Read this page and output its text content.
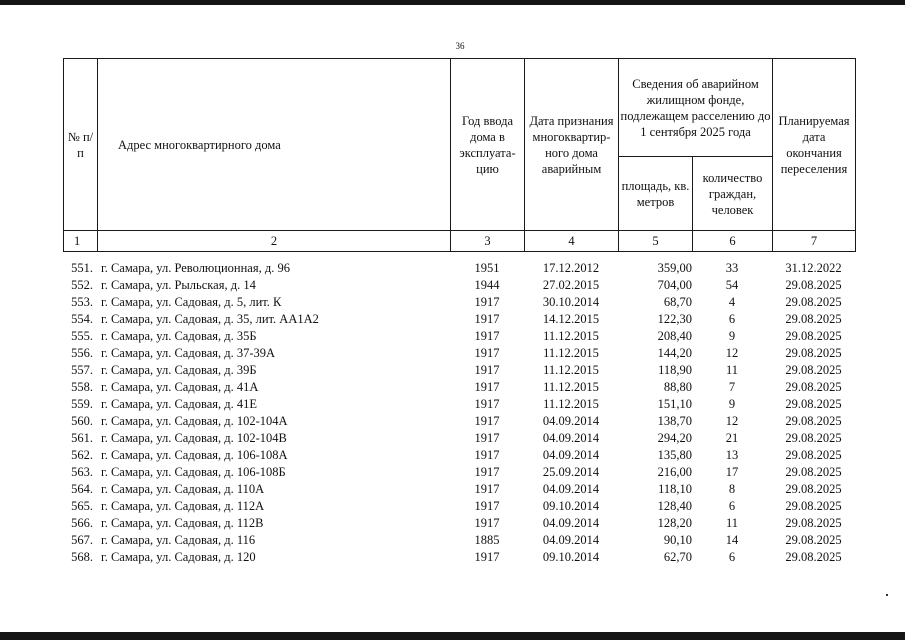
36
№ п/п	Адрес многоквартирного дома	Год ввода дома в эксплуата-цию	Дата признания многоквартир-ного дома аварийным	Сведения об аварийном жилищном фонде, подлежащем расселению до 1 сентября 2025 года		Планируемая дата окончания переселения
				площадь, кв. метров	количество граждан, человек	
1	2	3	4	5	6	7
551. г. Самара, ул. Революционная, д. 96	1951	17.12.2012	359,00	33	31.12.2022
552. г. Самара, ул. Рыльская, д. 14	1944	27.02.2015	704,00	54	29.08.2025
553. г. Самара, ул. Садовая, д. 5, лит. К	1917	30.10.2014	68,70	4	29.08.2025
554. г. Самара, ул. Садовая, д. 35, лит. АА1А2	1917	14.12.2015	122,30	6	29.08.2025
555. г. Самара, ул. Садовая, д. 35Б	1917	11.12.2015	208,40	9	29.08.2025
556. г. Самара, ул. Садовая, д. 37-39А	1917	11.12.2015	144,20	12	29.08.2025
557. г. Самара, ул. Садовая, д. 39Б	1917	11.12.2015	118,90	11	29.08.2025
558. г. Самара, ул. Садовая, д. 41А	1917	11.12.2015	88,80	7	29.08.2025
559. г. Самара, ул. Садовая, д. 41Е	1917	11.12.2015	151,10	9	29.08.2025
560. г. Самара, ул. Садовая, д. 102-104А	1917	04.09.2014	138,70	12	29.08.2025
561. г. Самара, ул. Садовая, д. 102-104В	1917	04.09.2014	294,20	21	29.08.2025
562. г. Самара, ул. Садовая, д. 106-108А	1917	04.09.2014	135,80	13	29.08.2025
563. г. Самара, ул. Садовая, д. 106-108Б	1917	25.09.2014	216,00	17	29.08.2025
564. г. Самара, ул. Садовая, д. 110А	1917	04.09.2014	118,10	8	29.08.2025
565. г. Самара, ул. Садовая, д. 112А	1917	09.10.2014	128,40	6	29.08.2025
566. г. Самара, ул. Садовая, д. 112В	1917	04.09.2014	128,20	11	29.08.2025
567. г. Самара, ул. Садовая, д. 116	1885	04.09.2014	90,10	14	29.08.2025
568. г. Самара, ул. Садовая, д. 120	1917	09.10.2014	62,70	6	29.08.2025
